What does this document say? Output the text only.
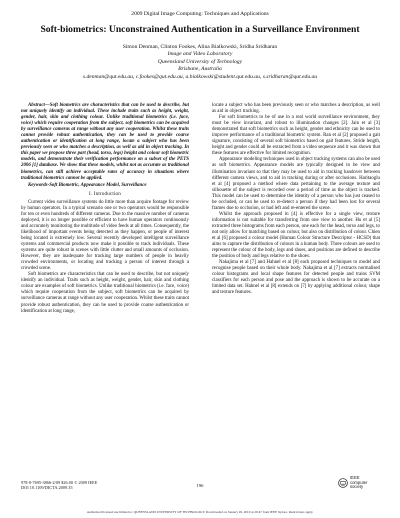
2009 Digital Image Computing: Techniques and Applications
Soft-biometrics: Unconstrained Authentication in a Surveillance Environment
Simon Denman, Clinton Fookes, Alina Bialkowski, Sridha Sridharan
Image and Video Laboratory
Queensland University of Technology
Brisbane, Australia
s.denman@qut.edu.au, c.fookes@qut.edu.au, a.bialkowski@student.qut.edu.au, s.sridharan@qut.edu.au

Abstract—Soft biometrics are characteristics that can be used to describe, but not uniquely identify an individual. These include traits such as height, weight, gender, hair, skin and clothing colour. Unlike traditional biometrics (i.e. face, voice) which require cooperation from the subject, soft biometrics can be acquired by surveillance cameras at range without any user cooperation. Whilst these traits cannot provide robust authentication, they can be used to provide coarse authentication or identification at long range, locate a subject who has been previously seen or who matches a description, as well as aid in object tracking. In this paper we propose three part (head, torso, legs) height and colour soft biometric models, and demonstrate their verification performance on a subset of the PETS 2006 [1] database. We show that these models, whilst not as accurate as traditional biometrics, can still achieve acceptable rates of accuracy in situations where traditional biometrics cannot be applied.

Keywords-Soft Biometric, Appearance Model, Surveillance

I. Introduction

Current video surveillance systems do little more than acquire footage for review by human operators. In a typical scenario one or two operators would be responsible for ten or even hundreds of different cameras. Due to the massive number of cameras deployed, it is no longer possible or efficient to have human operators continuously and accurately monitoring the multitude of video feeds at all times. Consequently, the likelihood of important events being detected as they happen, or people of interest being located is extremely low. Several recently developed intelligent surveillance systems and commercial products now make it possible to track individuals. These systems are quite robust in scenes with little clutter and small amounts of occlusion. However, they are inadequate for tracking large numbers of people in heavily crowded environments, or locating and tracking a person of interest through a crowded scene.

Soft biometrics are characteristics that can be used to describe, but not uniquely identify an individual. Traits such as height, weight, gender, hair, skin and clothing colour are examples of soft biometrics. Unlike traditional biometrics (i.e. face, voice) which require cooperation from the subject, soft biometrics can be acquired by surveillance cameras at range without any user cooperation. Whilst these traits cannot provide robust authentication, they can be used to provide coarse authentication or identification at long range,

locate a subject who has been previously seen or who matches a description, as well as aid in object tracking.

For soft biometrics to be of use in a real world surveillance environment, they must be view invariant, and robust to illumination changes [2]. Jain et al [3] demonstrated that soft biometrics such as height, gender and ethnicity can be used to improve performance of a traditional biometric system. Ran et al [2] proposed a gait signature, consisting of several soft biometrics based on gait features. Stride length, height and gender could all be extracted from a video sequence and it was shown that these features are effective for limited recognition.

Appearance modeling techniques used in object tracking systems can also be used as soft biometrics. Appearance models are typically designed to be view and illumination invariant so that they may be used to aid in tracking handover between different camera views, and to aid in tracking during or after occlusions. Haritaoglu et al [4] proposed a method where data pertaining to the average texture and silhouette of the subject is recorded over a period of time as the object is tracked. This model can be used to determine the identity of a person who has just ceased to be occluded, or can be used to re-detect a person if they had been lost for several frames due to occlusion, or had left and re-entered the scene.

Whilst the approach proposed in [4] is effective for a single view, texture information is not suitable for transferring from one view to another. Hu et al [5] extracted three histograms from each person, one each for the head, torso and legs, to not only allow for matching based on colour, but also on distribution of colour. Chien et al [6] proposed a colour model (Human Colour Structure Descriptor - HCSD) that aims to capture the distribution of colours in a human body. Three colours are used to represent the colour of the body, legs and shoes, and positions are defined to describe the position of body and legs relative to the shoes.

Nakajima et al [7] and Hahnel et al [8] each proposed techniques to model and recognise people based on their whole body. Nakajima et al [7] extracts normalised colour histograms and local shape features for detected people and trains SVM classifiers for each person and pose and the approach is shown to be accurate on a limited data set. Hahnel et al [8] extends on [7] by applying additional colour, shape and texture features.

978-0-7695-3866-2/09 $26.00 © 2009 IEEE
DOI 10.1109/DICTA.2009.35	196
IEEE
computer
society
Authorized licensed use limited to: QUEENSLAND UNIVERSITY OF TECHNOLOGY. Downloaded on January 26, 2010 at 20:47 from IEEE Xplore. Restrictions apply.
